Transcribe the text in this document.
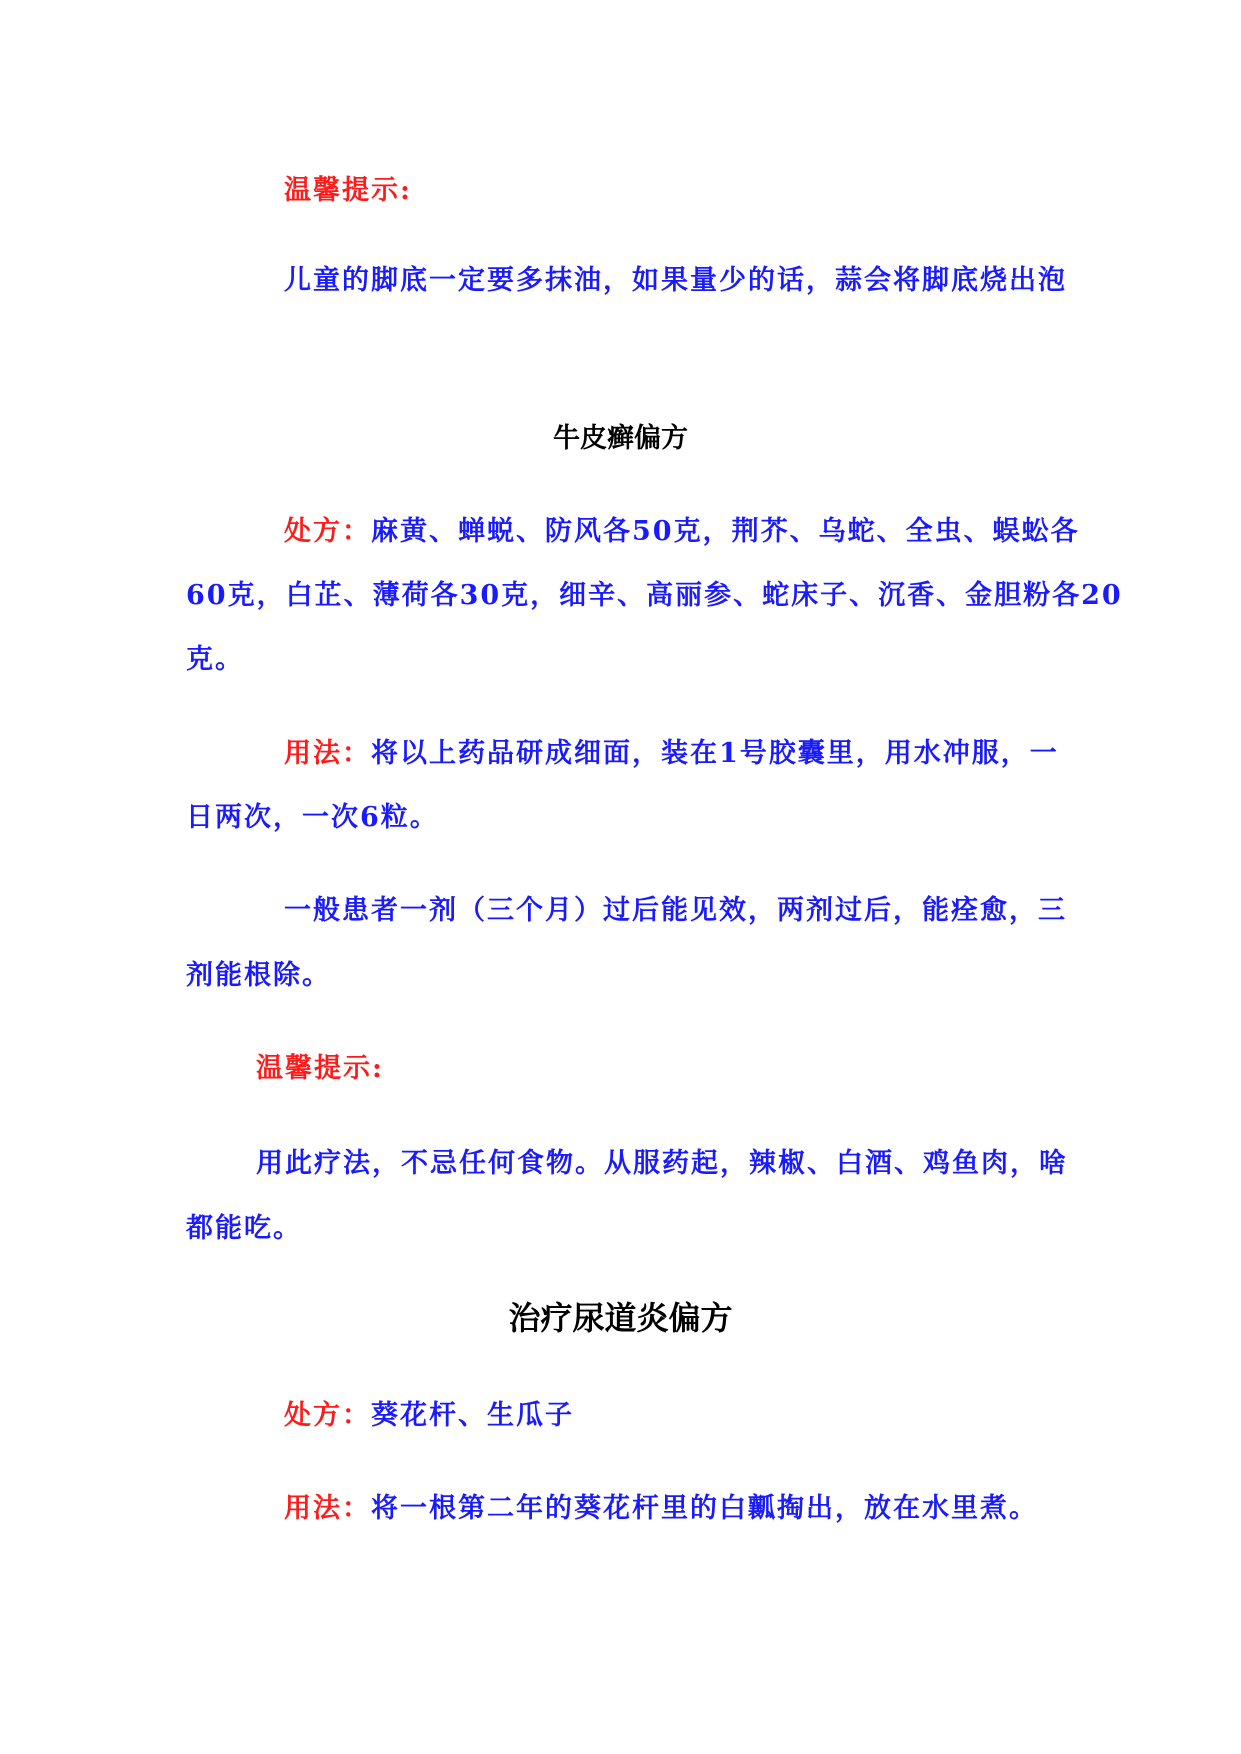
温馨提示:
儿童的脚底一定要多抹油，如果量少的话，蒜会将脚底烧出泡
牛皮癣偏方
处方：麻黄、蝉蜕、防风各50克，荆芥、乌蛇、全虫、蜈蚣各
60克，白芷、薄荷各30克，细辛、高丽参、蛇床子、沉香、金胆粉各20
克。
用法：将以上药品研成细面，装在1号胶囊里，用水冲服，一
日两次，一次6粒。
一般患者一剂（三个月）过后能见效，两剂过后，能痊愈，三
剂能根除。
温馨提示:
用此疗法，不忌任何食物。从服药起，辣椒、白酒、鸡鱼肉，啥
都能吃。
治疗尿道炎偏方
处方：葵花杆、生瓜子
用法：将一根第二年的葵花杆里的白瓤掏出，放在水里煮。
